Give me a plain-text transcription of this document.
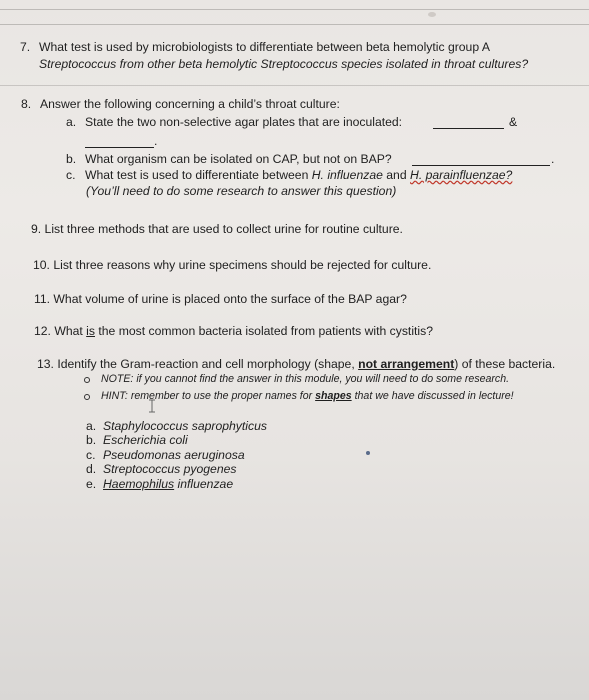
7. What test is used by microbiologists to differentiate between beta hemolytic group A
Streptococcus from other beta hemolytic Streptococcus species isolated in throat cultures?
8. Answer the following concerning a child’s throat culture:
a. State the two non-selective agar plates that are inoculated:	&
.
b. What organism can be isolated on CAP, but not on BAP?	.
c. What test is used to differentiate between H. influenzae and H. parainfluenzae?
(You’ll need to do some research to answer this question)
9. List three methods that are used to collect urine for routine culture.
10. List three reasons why urine specimens should be rejected for culture.
11. What volume of urine is placed onto the surface of the BAP agar?
12. What is the most common bacteria isolated from patients with cystitis?
13. Identify the Gram-reaction and cell morphology (shape, not arrangement) of these bacteria.
NOTE: if you cannot find the answer in this module, you will need to do some research.
HINT: remember to use the proper names for shapes that we have discussed in lecture!
a. Staphylococcus saprophyticus
b. Escherichia coli
c. Pseudomonas aeruginosa
d. Streptococcus pyogenes
e. Haemophilus influenzae
